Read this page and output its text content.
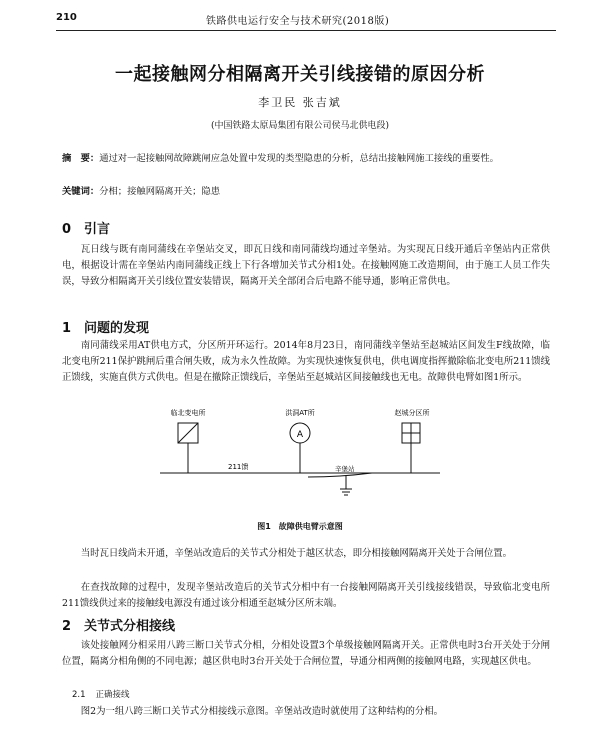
210	铁路供电运行安全与技术研究(2018版)
一起接触网分相隔离开关引线接错的原因分析
李卫民 张吉斌
(中国铁路太原局集团有限公司侯马北供电段)
摘　要：通过对一起接触网故障跳闸应急处置中发现的类型隐患的分析，总结出接触网施工接线的重要性。
关键词：分相；接触网隔离开关；隐患
0 引言
瓦日线与既有南同蒲线在辛堡站交叉，即瓦日线和南同蒲线均通过辛堡站。为实现瓦日线开通后辛堡站内正常供电，根据设计需在辛堡站内南同蒲线正线上下行各增加关节式分相1处。在接触网施工改造期间，由于施工人员工作失误，导致分相隔离开关引线位置安装错误，隔离开关全部闭合后电路不能导通，影响正常供电。
1 问题的发现
南同蒲线采用AT供电方式，分区所开环运行。2014年8月23日，南同蒲线辛堡站至赵城站区间发生F线故障，临北变电所211保护跳闸后重合闸失败，成为永久性故障。为实现快速恢复供电，供电调度指挥撤除临北变电所211馈线正馈线，实施直供方式供电。但是在撤除正馈线后，辛堡站至赵城站区间接触线也无电。故障供电臂如图1所示。
临北变电所	洪洞AT所	赵城分区所
A
211馈	辛堡站
图1　故障供电臂示意图
当时瓦日线尚未开通，辛堡站改造后的关节式分相处于越区状态，即分相接触网隔离开关处于合闸位置。
在查找故障的过程中，发现辛堡站改造后的关节式分相中有一台接触网隔离开关引线接线错误，导致临北变电所211馈线供过来的接触线电源没有通过该分相通至赵城分区所末端。
2 关节式分相接线
该处接触网分相采用八跨三断口关节式分相，分相处设置3个单级接触网隔离开关。正常供电时3台开关处于分闸位置，隔离分相角侧的不同电源；越区供电时3台开关处于合闸位置，导通分相两侧的接触网电路，实现越区供电。
2.1 正确接线
图2为一组八跨三断口关节式分相接线示意图。辛堡站改造时就使用了这种结构的分相。
